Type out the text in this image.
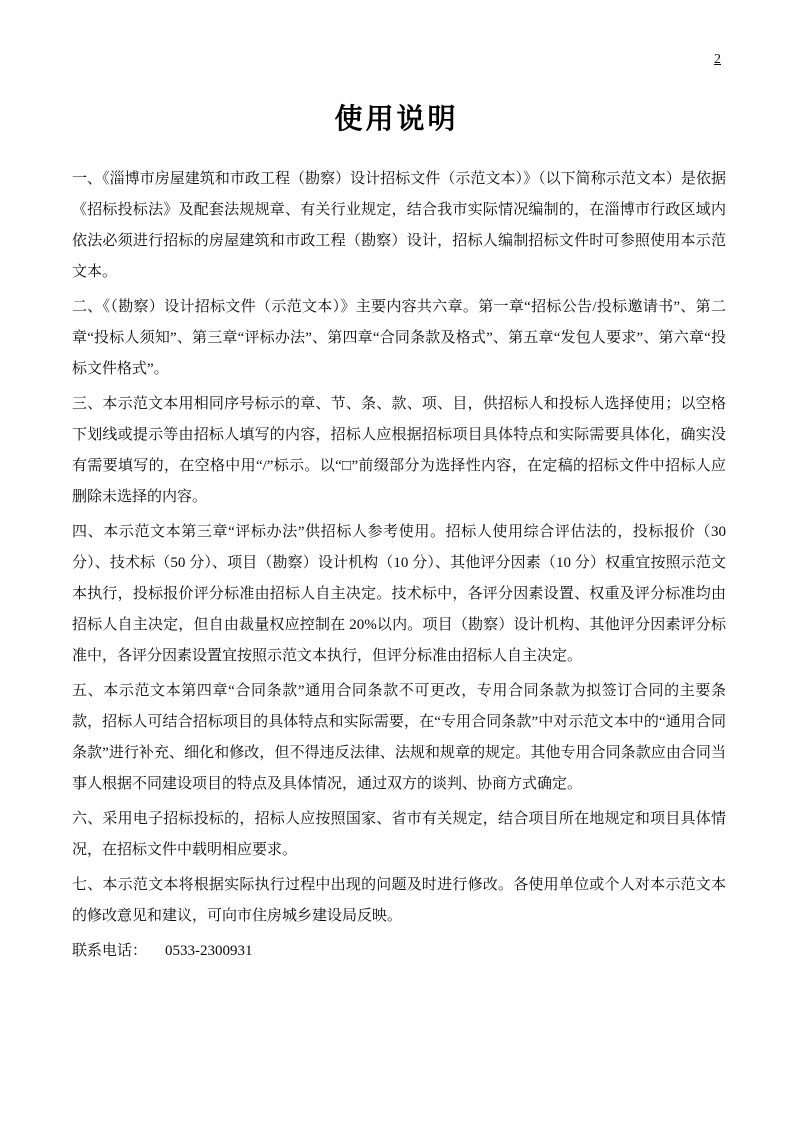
2
使用说明

一、《淄博市房屋建筑和市政工程（勘察）设计招标文件（示范文本）》（以下简称示范文本）是依据《招标投标法》及配套法规规章、有关行业规定，结合我市实际情况编制的，在淄博市行政区域内依法必须进行招标的房屋建筑和市政工程（勘察）设计，招标人编制招标文件时可参照使用本示范文本。

二、《（勘察）设计招标文件（示范文本）》主要内容共六章。第一章“招标公告/投标邀请书”、第二章“投标人须知”、第三章“评标办法”、第四章“合同条款及格式”、第五章“发包人要求”、第六章“投标文件格式”。

三、本示范文本用相同序号标示的章、节、条、款、项、目，供招标人和投标人选择使用；以空格下划线或提示等由招标人填写的内容，招标人应根据招标项目具体特点和实际需要具体化，确实没有需要填写的，在空格中用“/”标示。以“□”前缀部分为选择性内容，在定稿的招标文件中招标人应删除未选择的内容。

四、本示范文本第三章“评标办法”供招标人参考使用。招标人使用综合评估法的，投标报价（30 分）、技术标（50 分）、项目（勘察）设计机构（10 分）、其他评分因素（10 分）权重宜按照示范文本执行，投标报价评分标准由招标人自主决定。技术标中，各评分因素设置、权重及评分标准均由招标人自主决定，但自由裁量权应控制在 20%以内。项目（勘察）设计机构、其他评分因素评分标准中，各评分因素设置宜按照示范文本执行，但评分标准由招标人自主决定。

五、本示范文本第四章“合同条款”通用合同条款不可更改，专用合同条款为拟签订合同的主要条款，招标人可结合招标项目的具体特点和实际需要，在“专用合同条款”中对示范文本中的“通用合同条款”进行补充、细化和修改，但不得违反法律、法规和规章的规定。其他专用合同条款应由合同当事人根据不同建设项目的特点及具体情况，通过双方的谈判、协商方式确定。

六、采用电子招标投标的，招标人应按照国家、省市有关规定，结合项目所在地规定和项目具体情况，在招标文件中载明相应要求。

七、本示范文本将根据实际执行过程中出现的问题及时进行修改。各使用单位或个人对本示范文本的修改意见和建议，可向市住房城乡建设局反映。

联系电话： 0533-2300931
